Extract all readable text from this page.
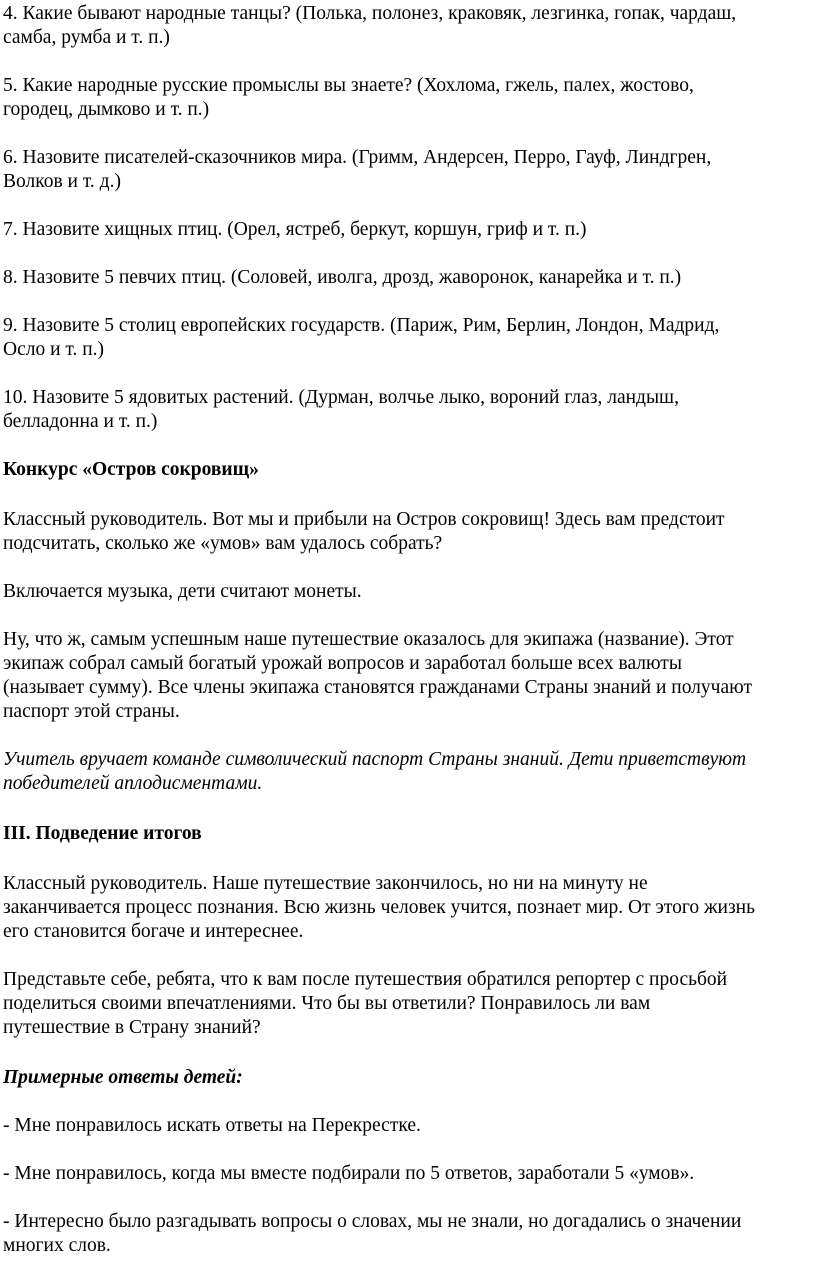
4. Какие бывают народные танцы? (Полька, полонез, краковяк, лезгинка, гопак, чардаш,
самба, румба и т. п.)

5. Какие народные русские промыслы вы знаете? (Хохлома, гжель, палех, жостово,
городец, дымково и т. п.)

6. Назовите писателей-сказочников мира. (Гримм, Андерсен, Перро, Гауф, Линдгрен,
Волков и т. д.)

7. Назовите хищных птиц. (Орел, ястреб, беркут, коршун, гриф и т. п.)

8. Назовите 5 певчих птиц. (Соловей, иволга, дрозд, жаворонок, канарейка и т. п.)

9. Назовите 5 столиц европейских государств. (Париж, Рим, Берлин, Лондон, Мадрид,
Осло и т. п.)

10. Назовите 5 ядовитых растений. (Дурман, волчье лыко, вороний глаз, ландыш,
белладонна и т. п.)

Конкурс «Остров сокровищ»

Классный руководитель. Вот мы и прибыли на Остров сокровищ! Здесь вам предстоит
подсчитать, сколько же «умов» вам удалось собрать?

Включается музыка, дети считают монеты.

Ну, что ж, самым успешным наше путешествие оказалось для экипажа (название). Этот
экипаж собрал самый богатый урожай вопросов и заработал больше всех валюты
(называет сумму). Все члены экипажа становятся гражданами Страны знаний и получают
паспорт этой страны.

Учитель вручает команде символический паспорт Страны знаний. Дети приветствуют
победителей аплодисментами.

III. Подведение итогов

Классный руководитель. Наше путешествие закончилось, но ни на минуту не
заканчивается процесс познания. Всю жизнь человек учится, познает мир. От этого жизнь
его становится богаче и интереснее.

Представьте себе, ребята, что к вам после путешествия обратился репортер с просьбой
поделиться своими впечатлениями. Что бы вы ответили? Понравилось ли вам
путешествие в Страну знаний?

Примерные ответы детей:

- Мне понравилось искать ответы на Перекрестке.

- Мне понравилось, когда мы вместе подбирали по 5 ответов, заработали 5 «умов».

- Интересно было разгадывать вопросы о словах, мы не знали, но догадались о значении
многих слов.
